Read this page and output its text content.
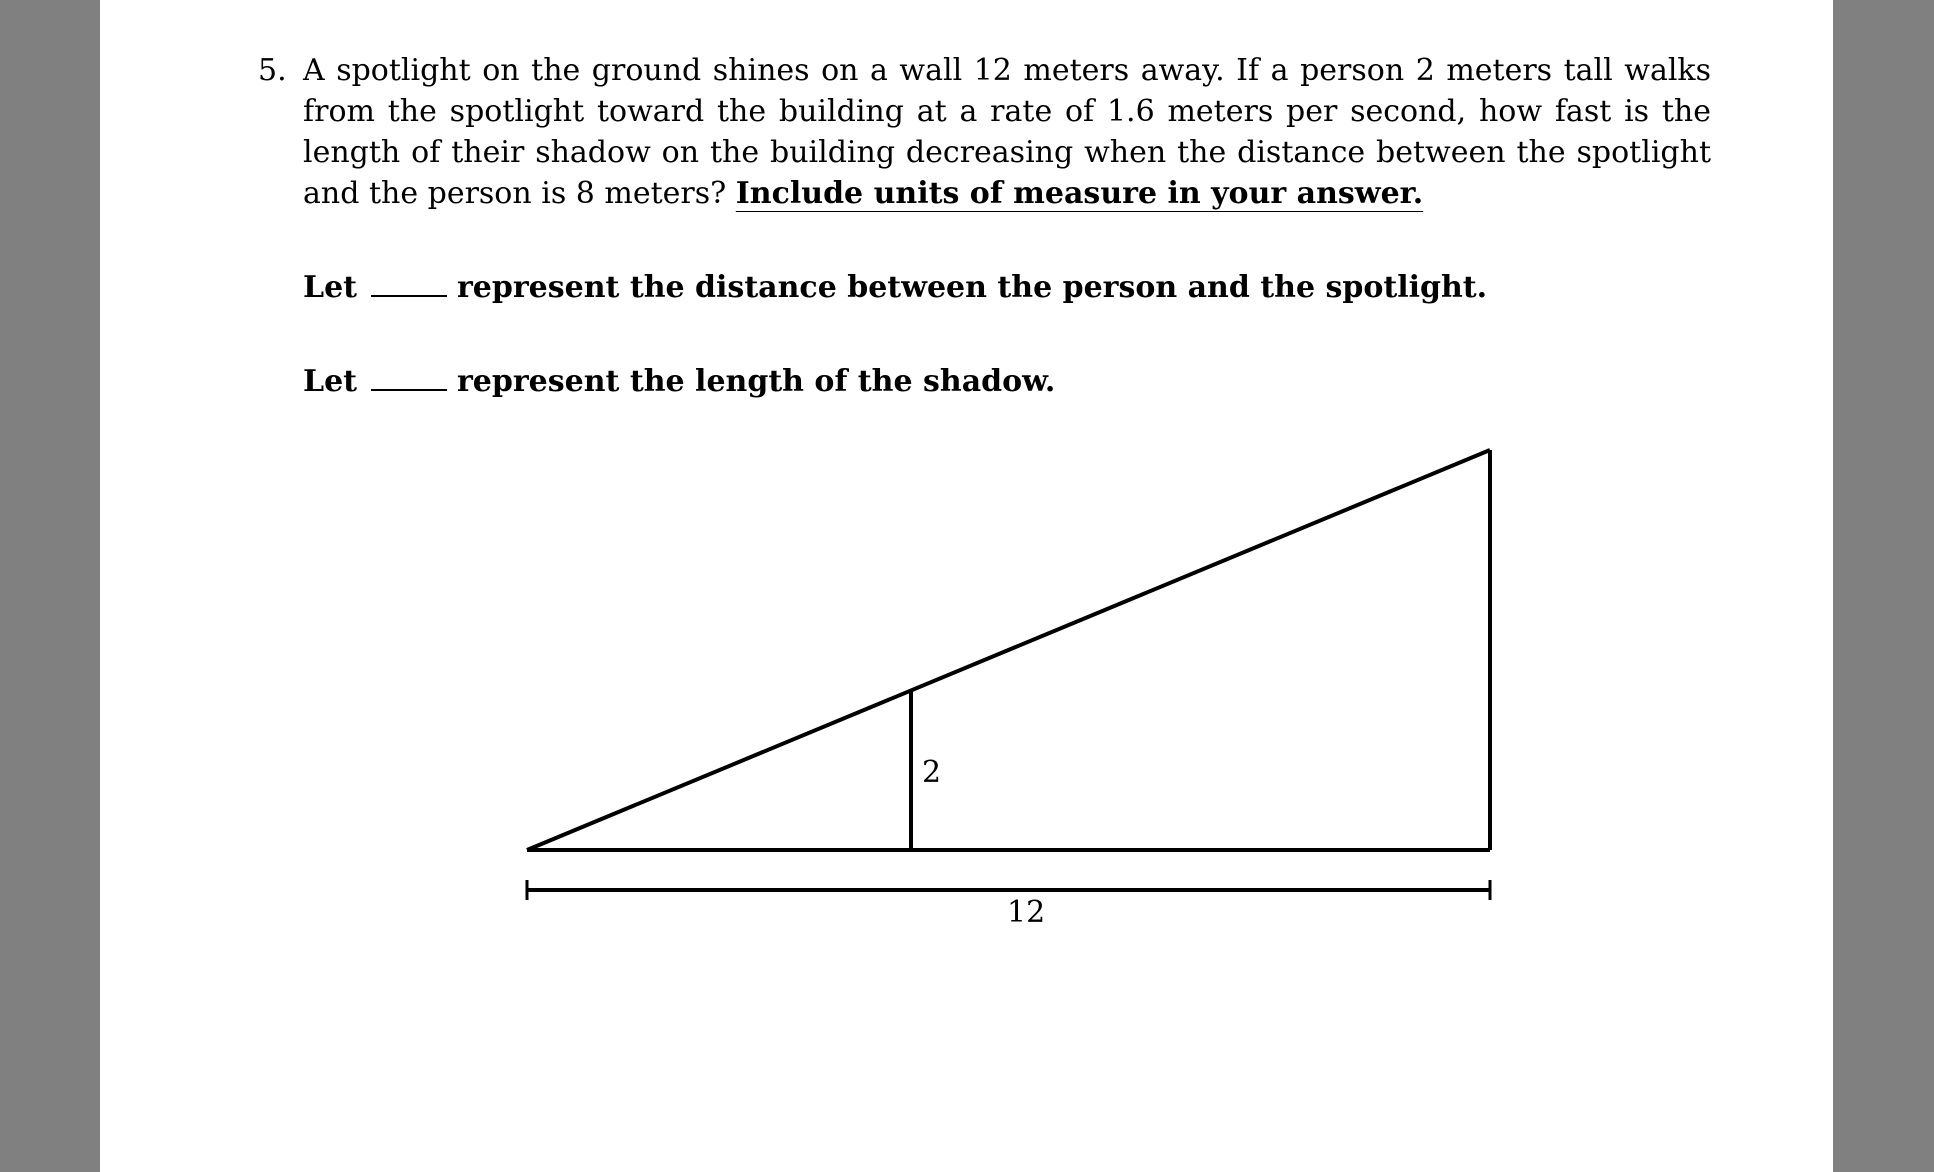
5. A spotlight on the ground shines on a wall 12 meters away. If a person 2 meters tall walks from the spotlight toward the building at a rate of 1.6 meters per second, how fast is the length of their shadow on the building decreasing when the distance between the spotlight and the person is 8 meters? Include units of measure in your answer.
Let	represent the distance between the person and the spotlight.
Let	represent the length of the shadow.
2
12
